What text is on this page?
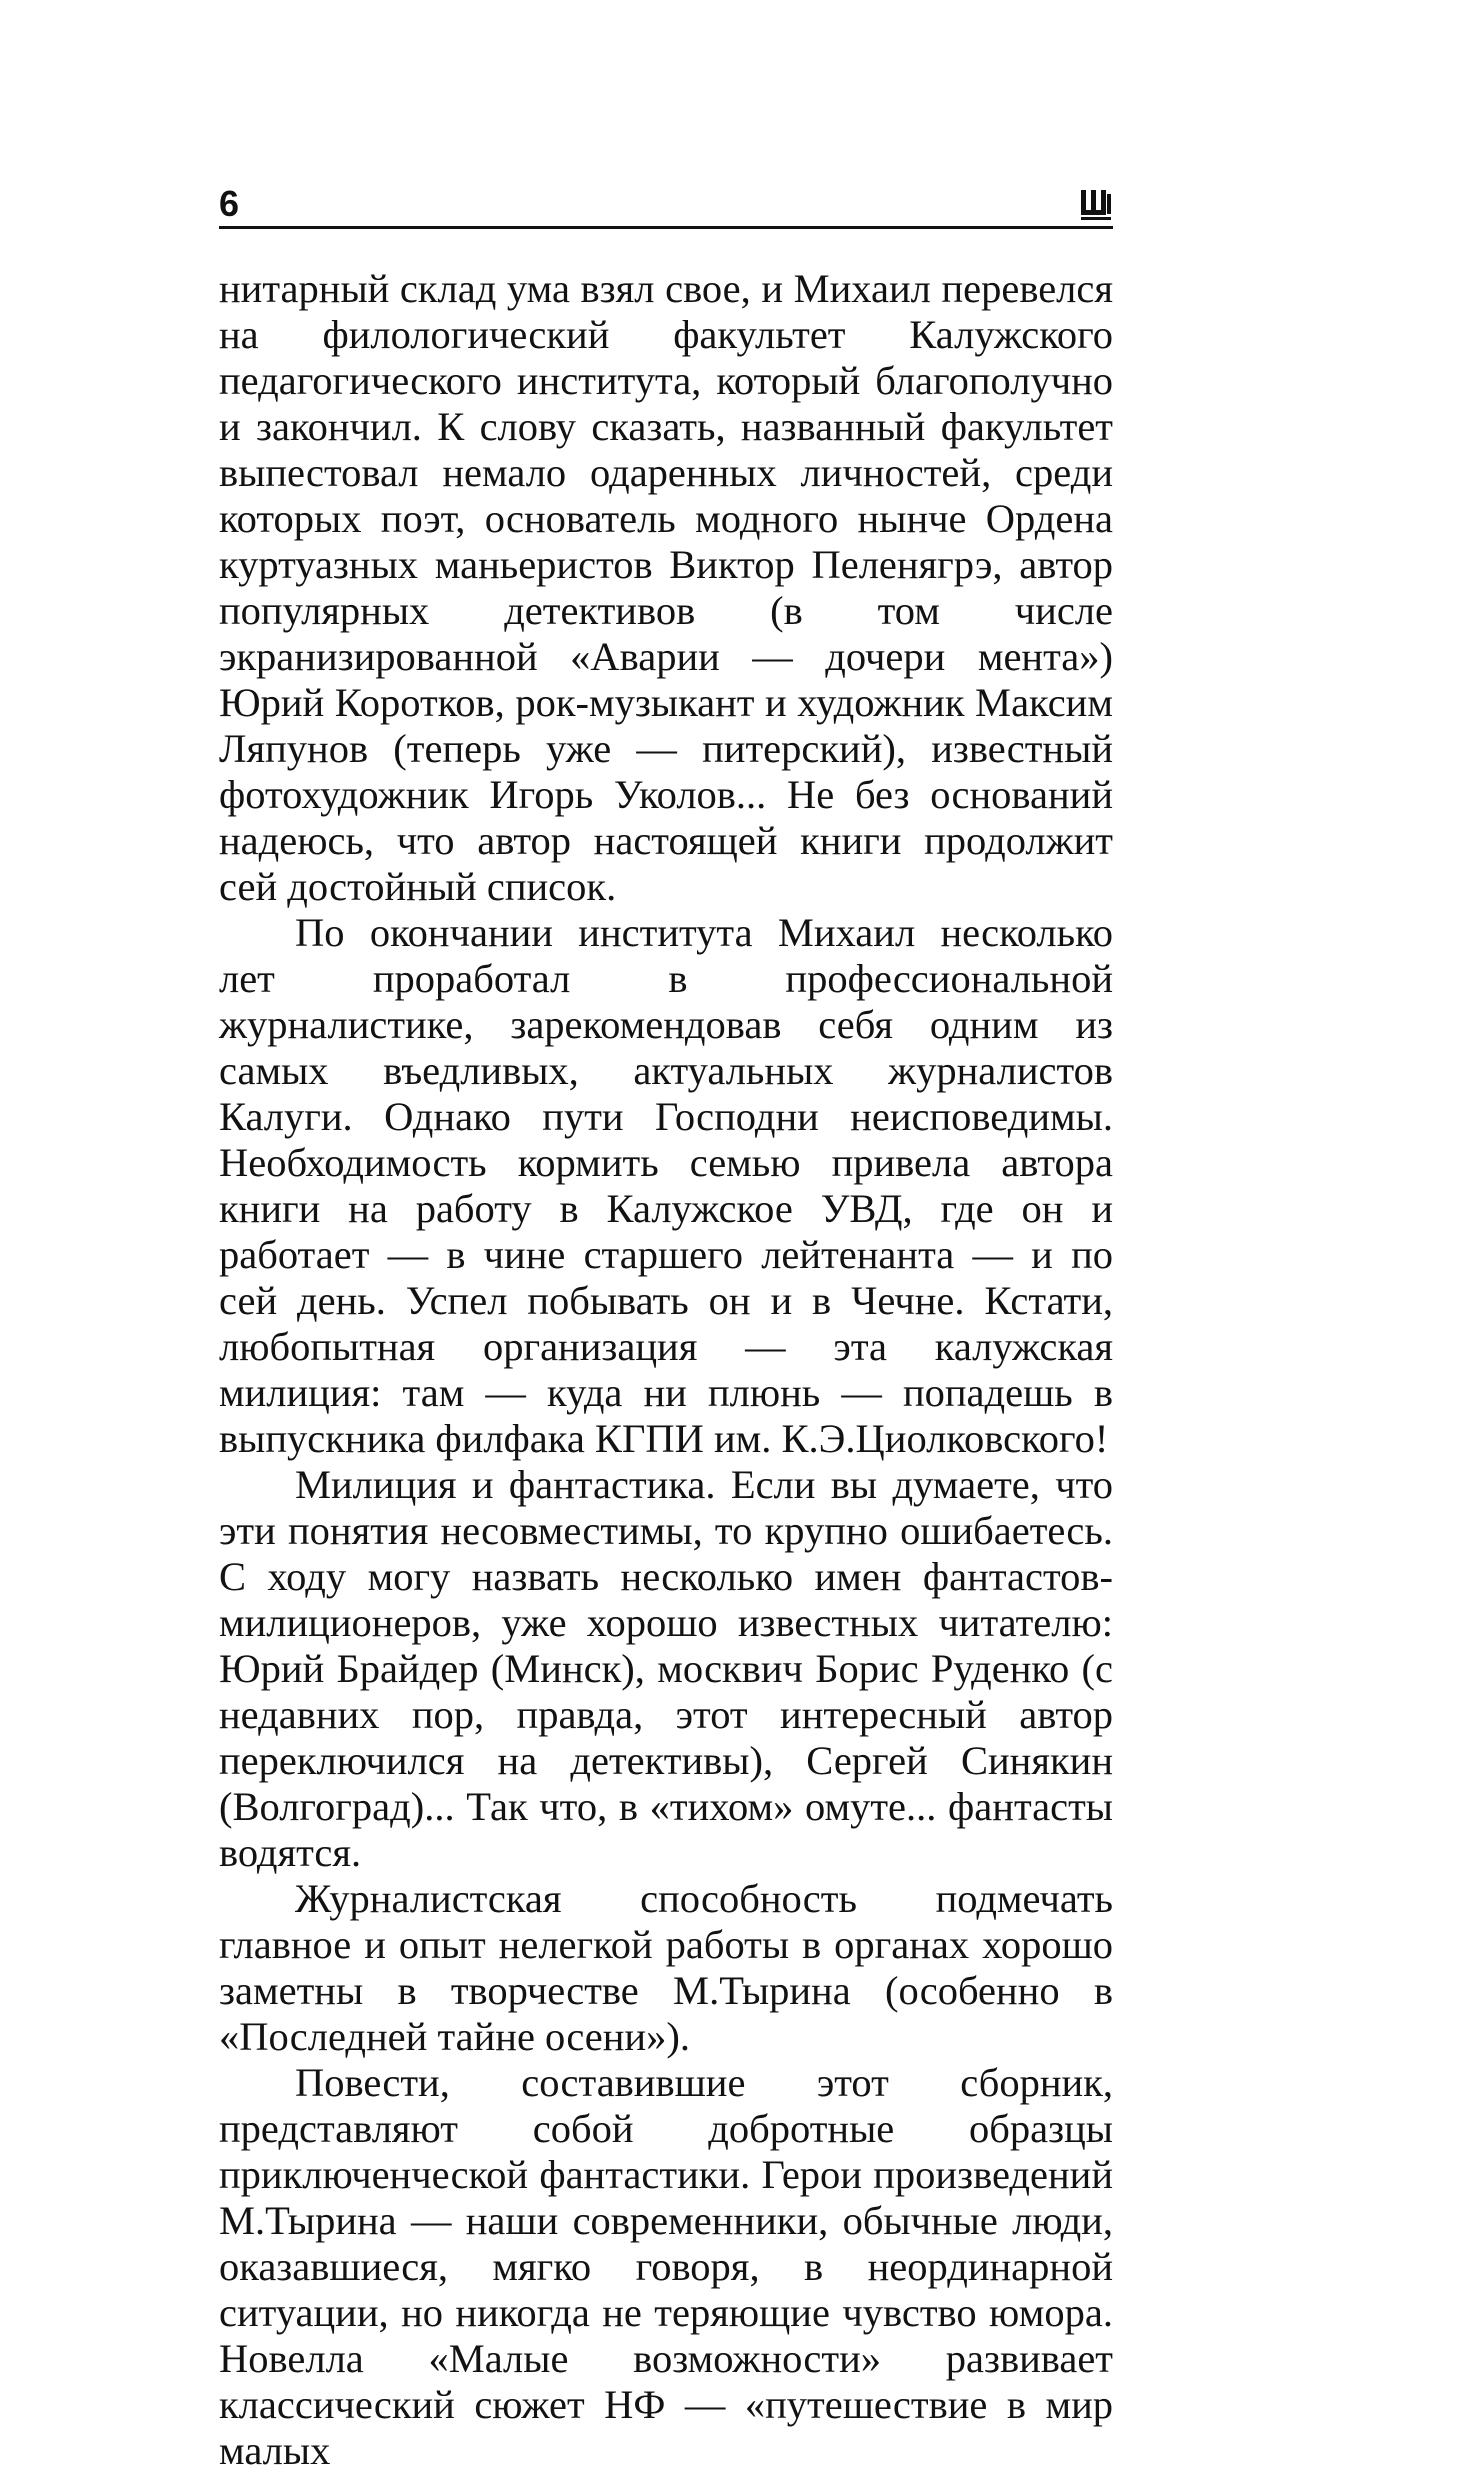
6

нитарный склад ума взял свое, и Михаил перевелся на филологический факультет Калужского педагогического института, который благополучно и закончил. К слову сказать, названный факультет выпестовал немало одаренных личностей, среди которых поэт, основатель модного нынче Ордена куртуазных маньеристов Виктор Пеленягрэ, автор популярных детективов (в том числе экранизированной «Аварии — дочери мента») Юрий Коротков, рок-музыкант и художник Максим Ляпунов (теперь уже — питерский), известный фотохудожник Игорь Уколов... Не без оснований надеюсь, что автор настоящей книги продолжит сей достойный список.

По окончании института Михаил несколько лет проработал в профессиональной журналистике, зарекомендовав себя одним из самых въедливых, актуальных журналистов Калуги. Однако пути Господни неисповедимы. Необходимость кормить семью привела автора книги на работу в Калужское УВД, где он и работает — в чине старшего лейтенанта — и по сей день. Успел побывать он и в Чечне. Кстати, любопытная организация — эта калужская милиция: там — куда ни плюнь — попадешь в выпускника филфака КГПИ им. К.Э.Циолковского!

Милиция и фантастика. Если вы думаете, что эти понятия несовместимы, то крупно ошибаетесь. С ходу могу назвать несколько имен фантастов-милиционеров, уже хорошо известных читателю: Юрий Брайдер (Минск), москвич Борис Руденко (с недавних пор, правда, этот интересный автор переключился на детективы), Сергей Синякин (Волгоград)... Так что, в «тихом» омуте... фантасты водятся.

Журналистская способность подмечать главное и опыт нелегкой работы в органах хорошо заметны в творчестве М.Тырина (особенно в «Последней тайне осени»).

Повести, составившие этот сборник, представляют собой добротные образцы приключенческой фантастики. Герои произведений М.Тырина — наши современники, обычные люди, оказавшиеся, мягко говоря, в неординарной ситуации, но никогда не теряющие чувство юмора. Новелла «Малые возможности» развивает классический сюжет НФ — «путешествие в мир малых
